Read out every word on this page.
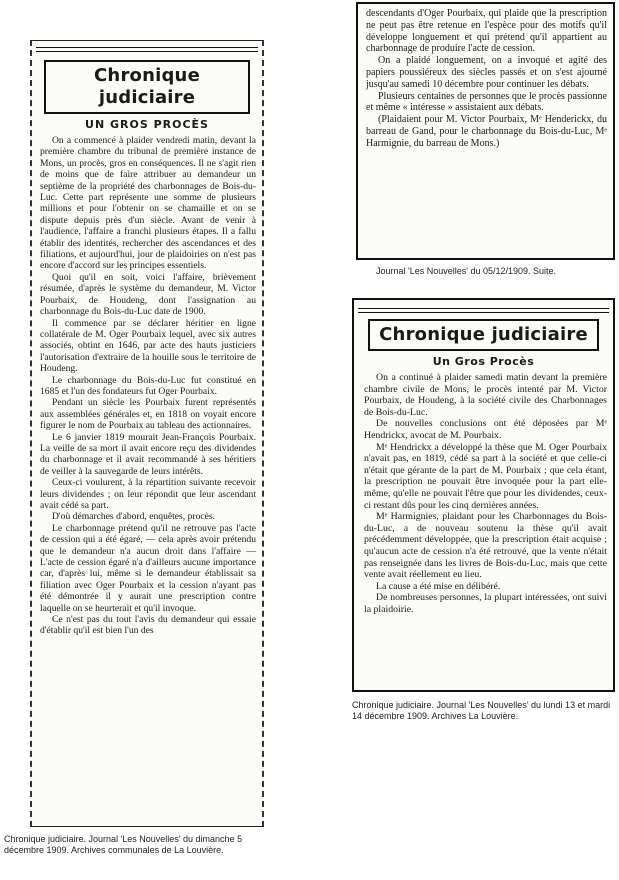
Chronique judiciaire
UN GROS PROCÈS

On a commencé à plaider vendredi matin, devant la première chambre du tribunal de première instance de Mons, un procès, gros en conséquences. Il ne s'agit rien de moins que de faire attribuer au demandeur un septième de la propriété des charbonnages de Bois-du-Luc. Cette part représente une somme de plusieurs millions et pour l'obtenir on se chamaille et on se dispute depuis près d'un siècle. Avant de venir à l'audience, l'affaire a franchi plusieurs étapes. Il a fallu établir des identités, rechercher des ascendances et des filiations, et aujourd'hui, jour de plaidoiries on n'est pas encore d'accord sur les principes essentiels.

Quoi qu'il en soit, voici l'affaire, brièvement résumée, d'après le système du demandeur, M. Victor Pourbaix, de Houdeng, dont l'assignation au charbonnage du Bois-du-Luc date de 1900.

Il commence par se déclarer héritier en ligne collatérale de M. Oger Pourbaix lequel, avec six autres associés, obtint en 1646, par acte des hauts justiciers l'autorisation d'extraire de la houille sous le territoire de Houdeng.

Le charbonnage du Bois-du-Luc fut constitué en 1685 et l'un des fondateurs fut Oger Pourbaix.

Pendant un siècle les Pourbaix furent représentés aux assemblées générales et, en 1818 on voyait encore figurer le nom de Pourbaix au tableau des actionnaires.

Le 6 janvier 1819 mourait Jean-François Pourbaix. La veille de sa mort il avait encore reçu des dividendes du charbonnage et il avait recommandé à ses héritiers de veiller à la sauvegarde de leurs intérêts.

Ceux-ci voulurent, à la répartition suivante recevoir leurs dividendes ; on leur répondit que leur ascendant avait cédé sa part.

D'où démarches d'abord, enquêtes, procès.

Le charbonnage prétend qu'il ne retrouve pas l'acte de cession qui a été égaré, — cela après avoir prétendu que le demandeur n'a aucun droit dans l'affaire — L'acte de cession égaré n'a d'ailleurs aucune importance car, d'après lui, même si le demandeur établissait sa filiation avec Oger Pourbaix et la cession n'ayant pas été démontrée il y aurait une prescription contre laquelle on se heurterait et qu'il invoque.

Ce n'est pas du tout l'avis du demandeur qui essaie d'établir qu'il est bien l'un des

Chronique judiciaire. Journal 'Les Nouvelles' du dimanche 5 décembre 1909. Archives communales de La Louvière.

descendants d'Oger Pourbaix, qui plaide que la prescription ne peut pas être retenue en l'espèce pour des motifs qu'il développe longuement et qui prétend qu'il appartient au charbonnage de produire l'acte de cession.

On a plaidé longuement, on a invoqué et agité des papiers poussiéreux des siècles passés et on s'est ajourné jusqu'au samedi 10 décembre pour continuer les débats.

Plusieurs centaines de personnes que le procès passionne et même « intéresse » assistaient aux débats.

(Plaidaient pour M. Victor Pourbaix, Mᵉ Henderickx, du barreau de Gand, pour le charbonnage du Bois-du-Luc, Mᵉ Harmignie, du barreau de Mons.)

Journal 'Les Nouvelles' du 05/12/1909. Suite.
Chronique judiciaire
Un Gros Procès

On a continué à plaider samedi matin devant la première chambre civile de Mons, le procès intenté par M. Victor Pourbaix, de Houdeng, à la société civile des Charbonnages de Bois-du-Luc.

De nouvelles conclusions ont été déposées par Mᵉ Hendrickx, avocat de M. Pourbaix.

Mᵉ Hendrickx a développé la thèse que M. Oger Pourbaix n'avait pas, en 1819, cédé sa part à la société et que celle-ci n'était que gérante de la part de M. Pourbaix ; que cela étant, la prescription ne pouvait être invoquée pour la part elle-même, qu'elle ne pouvait l'être que pour les dividendes, ceux-ci restant dûs pour les cinq dernières années.

Mᵉ Harmignies, plaidant pour les Charbonnages du Bois-du-Luc, a de nouveau soutenu la thèse qu'il avait précédemment développée, que la prescription était acquise ; qu'aucun acte de cession n'a été retrouvé, que la vente n'était pas renseignée dans les livres de Bois-du-Luc, mais que cette vente avait réellement eu lieu.

La cause a été mise en délibéré.

De nombreuses personnes, la plupart intéressées, ont suivi la plaidoirie.

Chronique judiciaire. Journal 'Les Nouvelles' du lundi 13 et mardi 14 décembre 1909. Archives La Louvière.
